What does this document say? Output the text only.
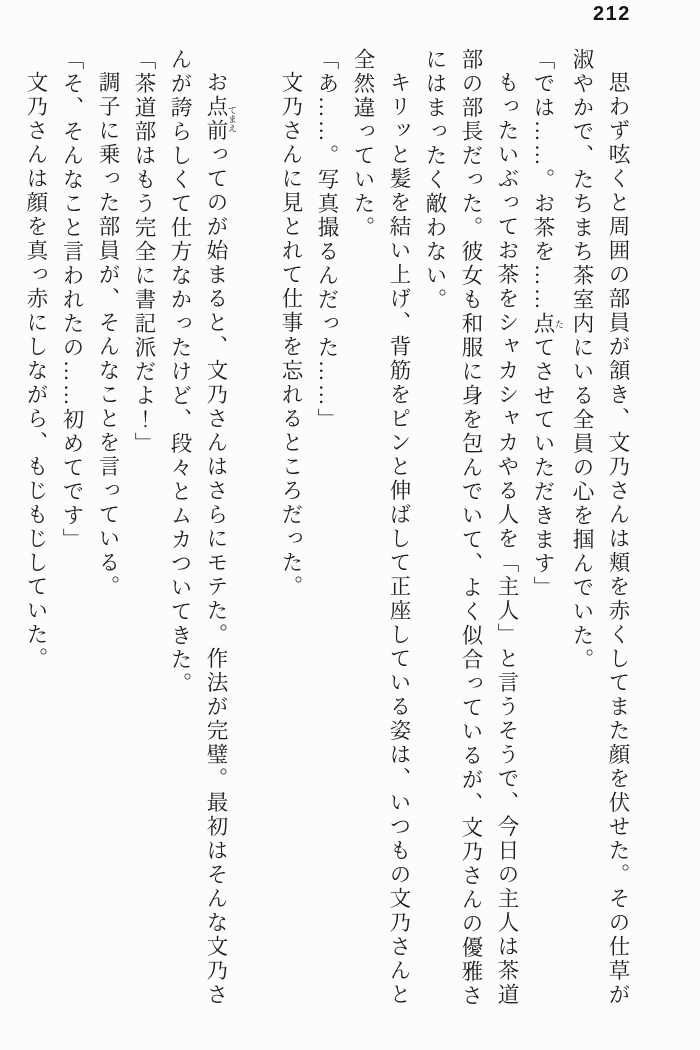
212

思わず呟くと周囲の部員が頷き、文乃さんは頬を赤くしてまた顔を伏せた。その仕草が淑やかで、たちまち茶室内にいる全員の心を掴んでいた。

「では……。お茶を……点 たてさせていただきます」

もったいぶってお茶をシャカシャカやる人を「主人」と言うそうで、今日の主人は茶道部の部長だった。彼女も和服に身を包んでいて、よく似合っているが、文乃さんの優雅さにはまったく敵わない。

キリッと髪を結い上げ、背筋をピンと伸ばして正座している姿は、いつもの文乃さんと全然違っていた。

「あ……。写真撮るんだった……」

文乃さんに見とれて仕事を忘れるところだった。

お点前 てまえってのが始まると、文乃さんはさらにモテた。作法が完璧。最初はそんな文乃さんが誇らしくて仕方なかったけど、段々とムカついてきた。

「茶道部はもう完全に書記派だよ！」

調子に乗った部員が、そんなことを言っている。

「そ、そんなこと言われたの……初めてです」

文乃さんは顔を真っ赤にしながら、もじもじしていた。
